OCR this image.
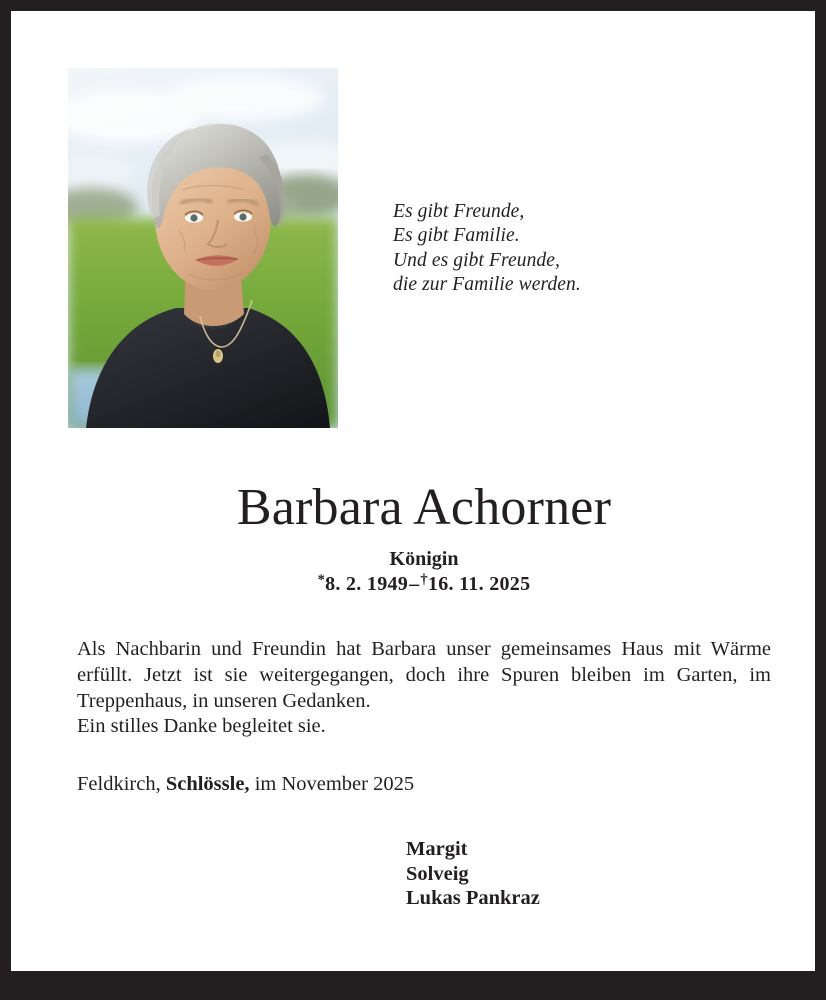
Es gibt Freunde,
Es gibt Familie.
Und es gibt Freunde,
die zur Familie werden.
Barbara Achorner
Königin
*8. 2. 1949–†16. 11. 2025
Als Nachbarin und Freundin hat Barbara unser gemeinsames Haus mit Wärme erfüllt. Jetzt ist sie weitergegangen, doch ihre Spuren bleiben im Garten, im Treppenhaus, in unseren Gedanken.
Ein stilles Danke begleitet sie.
Feldkirch, Schlössle, im November 2025
Margit
Solveig
Lukas Pankraz
